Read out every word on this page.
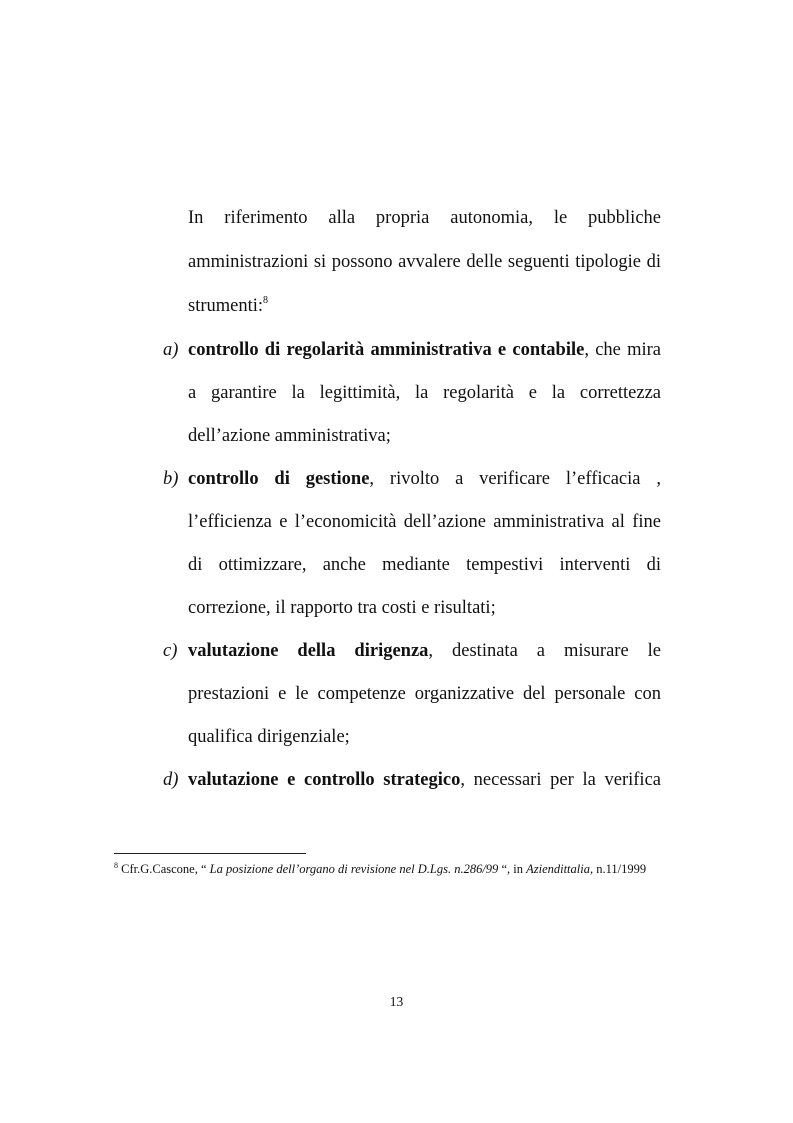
In riferimento alla propria autonomia, le pubbliche
amministrazioni si possono avvalere delle seguenti tipologie di
strumenti:$^8$
a) controllo di regolarità amministrativa e contabile, che mira
a garantire la legittimità, la regolarità e la correttezza
dell’azione amministrativa;
b) controllo di gestione, rivolto a verificare l’efficacia ,
l’efficienza e l’economicità dell’azione amministrativa al fine
di ottimizzare, anche mediante tempestivi interventi di
correzione, il rapporto tra costi e risultati;
c) valutazione della dirigenza, destinata a misurare le
prestazioni e le competenze organizzative del personale con
qualifica dirigenziale;
d) valutazione e controllo strategico, necessari per la verifica
$^8$ Cfr.G.Cascone, “ La posizione dell’organo di revisione nel D.Lgs. n.286/99 “, in Aziendittalia, n.11/1999
13
